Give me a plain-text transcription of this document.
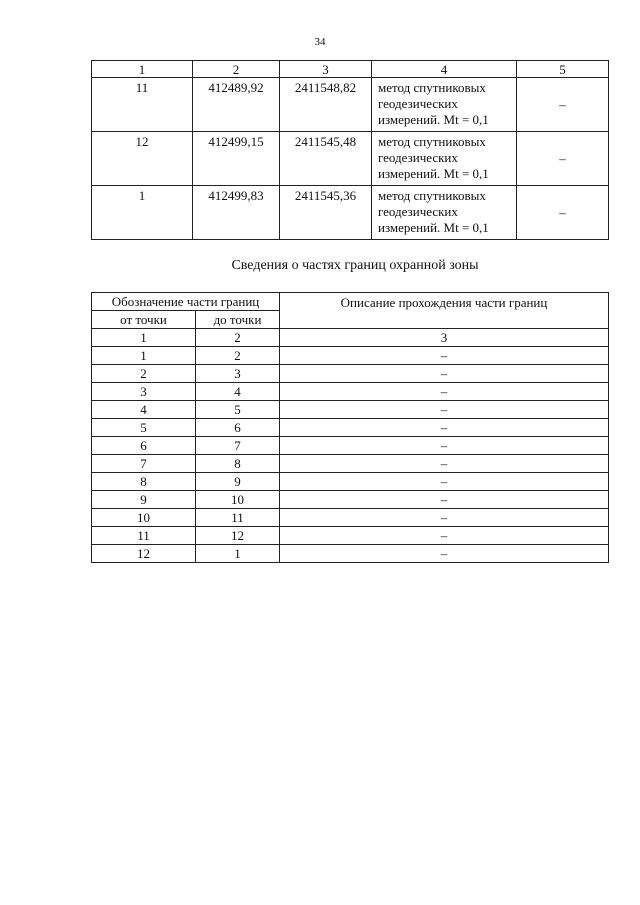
34
1	2	3	4	5
11	412489,92	2411548,82	метод спутниковых
геодезических
измерений. Mt = 0,1	–
12	412499,15	2411545,48	метод спутниковых
геодезических
измерений. Mt = 0,1	–
1	412499,83	2411545,36	метод спутниковых
геодезических
измерений. Mt = 0,1	–
Сведения о частях границ охранной зоны
Обозначение части границ		Описание прохождения части границ
от точки	до точки	
1	2	3
1	2	–
2	3	–
3	4	–
4	5	–
5	6	–
6	7	–
7	8	–
8	9	–
9	10	–
10	11	–
11	12	–
12	1	–
